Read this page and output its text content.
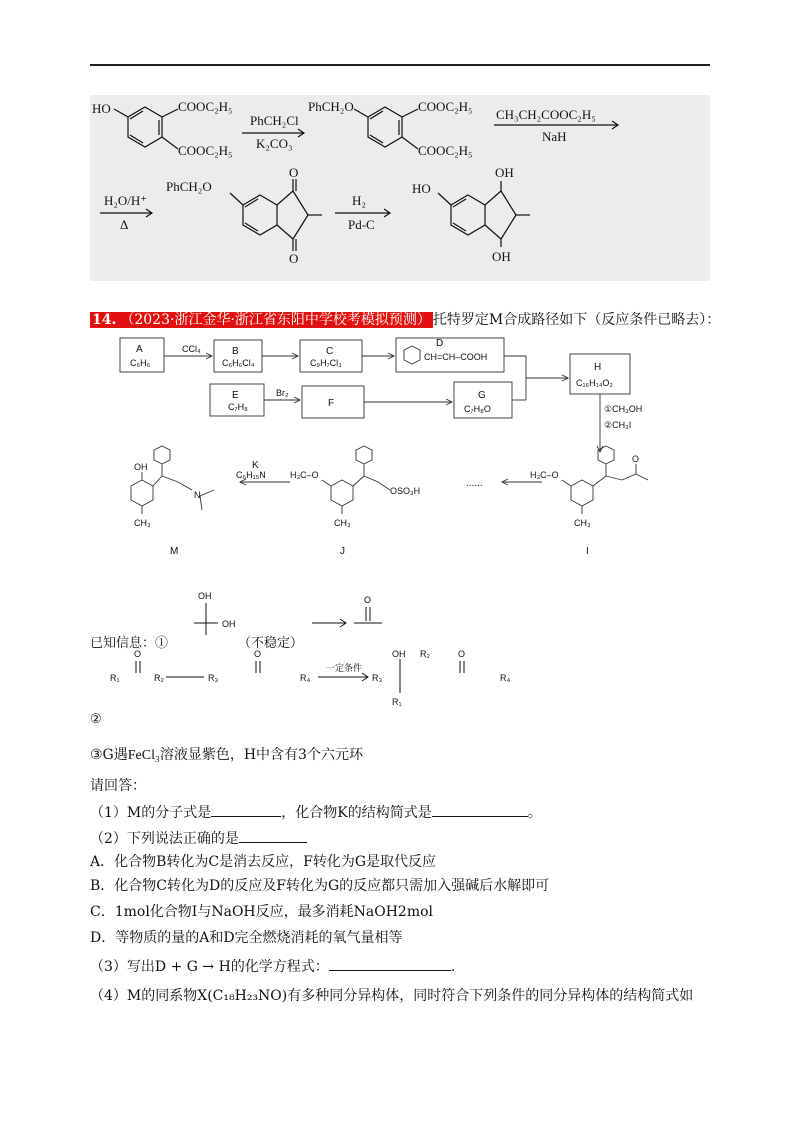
HO	COOC₂H₅
COOC₂H₅
PhCH₂Cl
K₂CO₃
PhCH₂O	COOC₂H₅
COOC₂H₅
CH₃CH₂COOC₂H₅
NaH
H₂O/H⁺
Δ
PhCH₂O
O
O
H₂
Pd-C
HO
OH
OH
14. （2023·浙江金华·浙江省东阳中学校考模拟预测） 托特罗定M合成路径如下（反应条件已略去）：
A
C₆H₆
CCl₄	B
C₆H₆Cl₄
C
C₉H₇Cl₃
D
CH=CH–COOH
E
C₇H₈
Br₂
F
G
C₇H₈O
H
C₁₆H₁₄O₂
①CH₃OH
②CH₃I
H₃C–O
CH₃
O
I
......
H₃C–O
CH₃
OSO₃H
J
K
C₆H₁₅N
OH
CH₃
N
M
已知信息：①
OH
OH
（不稳定）
O
O	O
R₁	R₂	R₃	R₄
一定条件
R₃
OH R₂
R₁
O
R₄
②
③G遇FeCl₃溶液显紫色，H中含有3个六元环
请回答：
（1）M的分子式是	，化合物K的结构简式是	。
（2）下列说法正确的是
A．化合物B转化为C是消去反应，F转化为G是取代反应
B．化合物C转化为D的反应及F转化为G的反应都只需加入强碱后水解即可
C．1mol化合物I与NaOH反应，最多消耗NaOH2mol
D．等物质的量的A和D完全燃烧消耗的氧气量相等
（3）写出D + G → H的化学方程式：	.
（4）M的同系物X(C₁₈H₂₃NO)有多种同分异构体，同时符合下列条件的同分异构体的结构简式如
